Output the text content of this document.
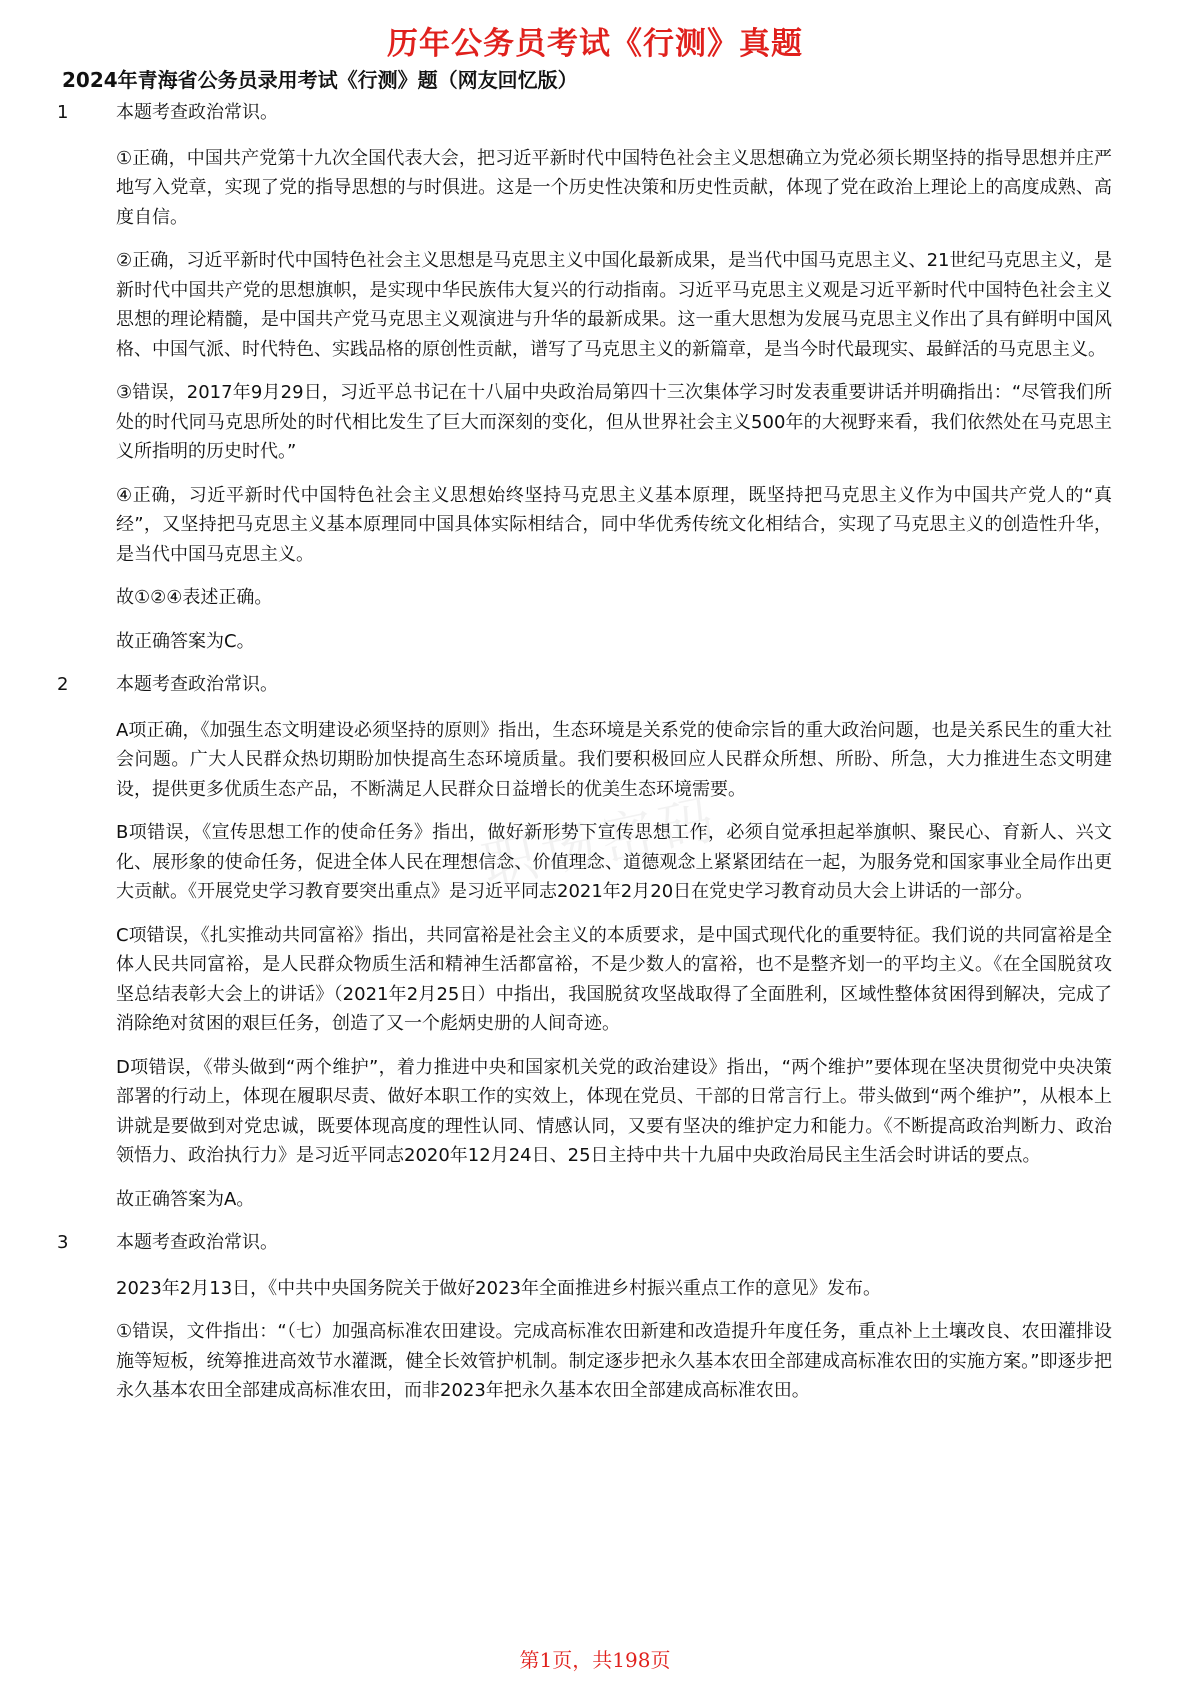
历年公务员考试《行测》真题
2024年青海省公务员录用考试《行测》题（网友回忆版）
1	本题考查政治常识。

①正确，中国共产党第十九次全国代表大会，把习近平新时代中国特色社会主义思想确立为党必须长期坚持的指导思想并庄严地写入党章，实现了党的指导思想的与时俱进。这是一个历史性决策和历史性贡献，体现了党在政治上理论上的高度成熟、高度自信。

②正确，习近平新时代中国特色社会主义思想是马克思主义中国化最新成果，是当代中国马克思主义、21世纪马克思主义，是新时代中国共产党的思想旗帜，是实现中华民族伟大复兴的行动指南。习近平马克思主义观是习近平新时代中国特色社会主义思想的理论精髓，是中国共产党马克思主义观演进与升华的最新成果。这一重大思想为发展马克思主义作出了具有鲜明中国风格、中国气派、时代特色、实践品格的原创性贡献，谱写了马克思主义的新篇章，是当今时代最现实、最鲜活的马克思主义。

③错误，2017年9月29日，习近平总书记在十八届中央政治局第四十三次集体学习时发表重要讲话并明确指出：“尽管我们所处的时代同马克思所处的时代相比发生了巨大而深刻的变化，但从世界社会主义500年的大视野来看，我们依然处在马克思主义所指明的历史时代。”

④正确，习近平新时代中国特色社会主义思想始终坚持马克思主义基本原理，既坚持把马克思主义作为中国共产党人的“真经”，又坚持把马克思主义基本原理同中国具体实际相结合，同中华优秀传统文化相结合，实现了马克思主义的创造性升华，是当代中国马克思主义。

故①②④表述正确。

故正确答案为C。

2	本题考查政治常识。

A项正确，《加强生态文明建设必须坚持的原则》指出，生态环境是关系党的使命宗旨的重大政治问题，也是关系民生的重大社会问题。广大人民群众热切期盼加快提高生态环境质量。我们要积极回应人民群众所想、所盼、所急，大力推进生态文明建设，提供更多优质生态产品，不断满足人民群众日益增长的优美生态环境需要。

B项错误，《宣传思想工作的使命任务》指出，做好新形势下宣传思想工作，必须自觉承担起举旗帜、聚民心、育新人、兴文化、展形象的使命任务，促进全体人民在理想信念、价值理念、道德观念上紧紧团结在一起，为服务党和国家事业全局作出更大贡献。《开展党史学习教育要突出重点》是习近平同志2021年2月20日在党史学习教育动员大会上讲话的一部分。

C项错误，《扎实推动共同富裕》指出，共同富裕是社会主义的本质要求，是中国式现代化的重要特征。我们说的共同富裕是全体人民共同富裕，是人民群众物质生活和精神生活都富裕，不是少数人的富裕，也不是整齐划一的平均主义。《在全国脱贫攻坚总结表彰大会上的讲话》（2021年2月25日）中指出，我国脱贫攻坚战取得了全面胜利，区域性整体贫困得到解决，完成了消除绝对贫困的艰巨任务，创造了又一个彪炳史册的人间奇迹。

D项错误，《带头做到“两个维护”，着力推进中央和国家机关党的政治建设》指出，“两个维护”要体现在坚决贯彻党中央决策部署的行动上，体现在履职尽责、做好本职工作的实效上，体现在党员、干部的日常言行上。带头做到“两个维护”，从根本上讲就是要做到对党忠诚，既要体现高度的理性认同、情感认同，又要有坚决的维护定力和能力。《不断提高政治判断力、政治领悟力、政治执行力》是习近平同志2020年12月24日、25日主持中共十九届中央政治局民主生活会时讲话的要点。

故正确答案为A。

3	本题考查政治常识。

2023年2月13日，《中共中央国务院关于做好2023年全面推进乡村振兴重点工作的意见》发布。

①错误，文件指出：“（七）加强高标准农田建设。完成高标准农田新建和改造提升年度任务，重点补上土壤改良、农田灌排设施等短板，统筹推进高效节水灌溉，健全长效管护机制。制定逐步把永久基本农田全部建成高标准农田的实施方案。”即逐步把永久基本农田全部建成高标准农田，而非2023年把永久基本农田全部建成高标准农田。

职场密码
第1页，共198页
